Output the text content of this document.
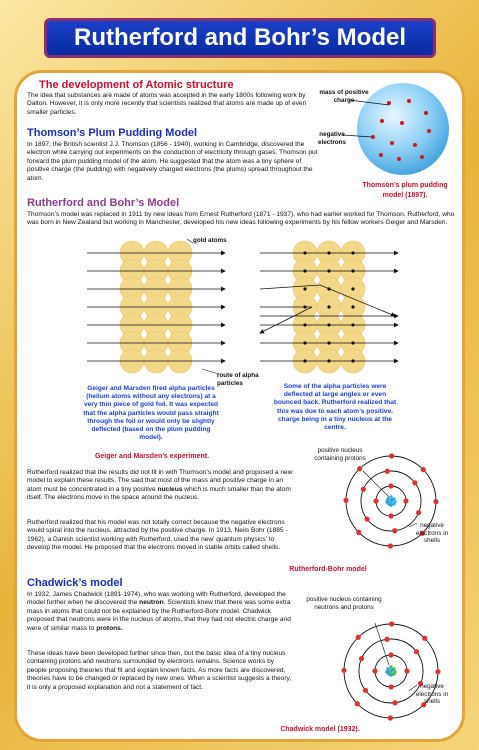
Rutherford and Bohr’s Model
The development of Atomic structure
The idea that substances are made of atoms was accepted in the early 1800s following work by Dalton. However, it is only more recently that scientists realized that atoms are made up of even smaller particles.
Thomson’s Plum Pudding Model
In 1897, the British scientist J.J. Thomson (1856 - 1940), working in Cambridge, discovered the electron while carrying out experiments on the conduction of electricity through gases. Thomson put forward the plum pudding model of the atom. He suggested that the atom was a tiny sphere of positive charge (the pudding) with negatively charged electrons (the plums) spread throughout the atom.
mass of positive charge
negative electrons
Thomson’s plum pudding model (1897).
Rutherford and Bohr’s Model
Thomson’s model was replaced in 1911 by new ideas from Ernest Rutherford (1871 - 1937), who had earlier worked for Thomson. Rutherford, who was born in New Zealand but working in Manchester, developed his new ideas following experiments by his fellow workers Geiger and Marsden.
gold atoms
route of alpha particles
Geiger and Marsden fired alpha particles (helium atoms without any electrons) at a very thin piece of gold foil. It was expected that the alpha particles would pass straight through the foil or would only be slightly deflected (based on the plum pudding model).
Geiger and Marsden’s experiment.
Some of the alpha particles were deflected at large angles or even bounced back. Rutherford realized that this was due to each atom’s positive. charge being in a tiny nucleus at the centre.
Rutherford realized that the results did not fit in with Thomson’s model and proposed a new model to explain these results. The said that most of the mass and positive charge in an atom must be concentrated in a tiny positive nucleus which is much smaller than the atom itself. The electrons move in the space around the nucleus.
Rutherford realized that his model was not totally correct because the negative electrons would spiral into the nucleus, attracted by the positive charge. In 1913, Neils Bohr (1885 - 1962), a Danish scientist working with Rutherford, used the new’ quantum physics’ to develop the model. He proposed that the electrons moved in stable orbits called shells.
positive nucleus containing protons
negative electrons in shells
Rutherford-Bohr model
Chadwick’s model
In 1932, James Chadwick (1891-1974), who was working with Rutherford, developed the model further when he discovered the neutron. Scientists knew that there was some extra mass in atoms that could not be explained by the Rutherford-Bohr model. Chadwick proposed that neutrons were in the nucleus of atoms, that they had not electric charge and were of similar mass to protons.
These ideas have been developed further since then, but the basic idea of a tiny nucleus containing protons and neutrons surrounded by electrons remains. Science works by people proposing theories that fit and explain known facts. As more facts are discovered, theories have to be changed or replaced by new ones. When a scientist suggests a theory, it is only a proposed explanation and not a statement of fact.
positive nucleus containing neutrons and protons
negative electrons in shells
Chadwick model (1932).
